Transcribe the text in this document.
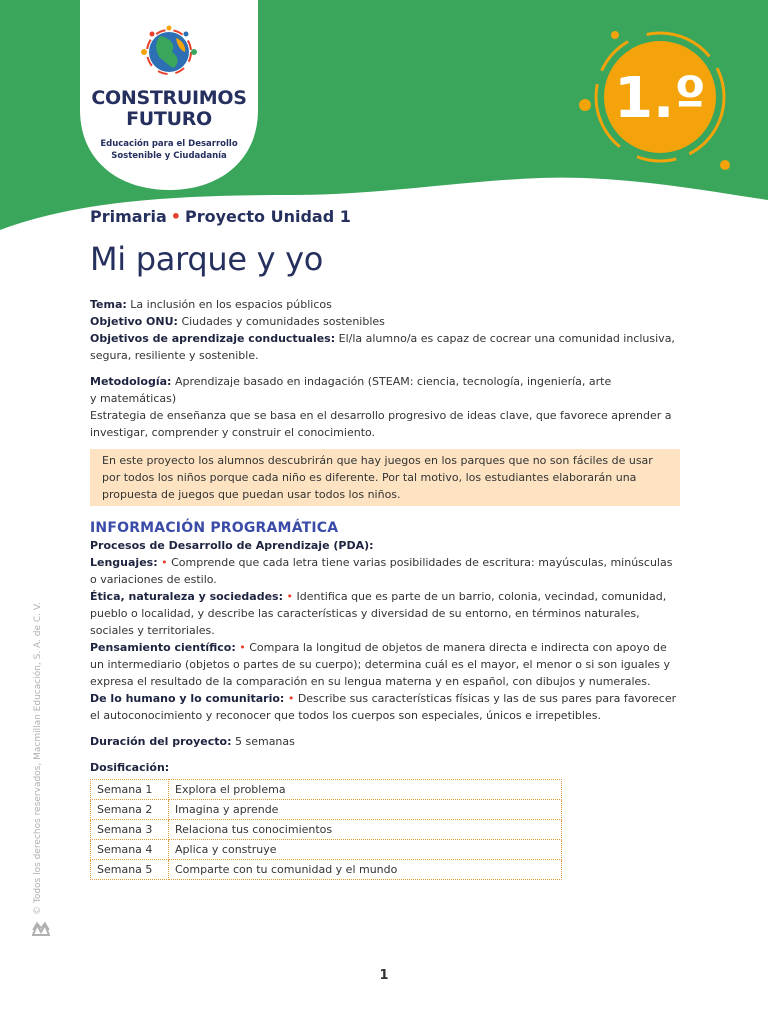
CONSTRUIMOS
FUTURO
Educación para el Desarrollo
Sostenible y Ciudadanía
1.º
Primaria • Proyecto Unidad 1
Mi parque y yo

Tema: La inclusión en los espacios públicos

Objetivo ONU: Ciudades y comunidades sostenibles

Objetivos de aprendizaje conductuales: El/la alumno/a es capaz de cocrear una comunidad inclusiva, segura, resiliente y sostenible.

Metodología: Aprendizaje basado en indagación (STEAM: ciencia, tecnología, ingeniería, arte
y matemáticas)

Estrategia de enseñanza que se basa en el desarrollo progresivo de ideas clave, que favorece aprender a investigar, comprender y construir el conocimiento.

En este proyecto los alumnos descubrirán que hay juegos en los parques que no son fáciles de usar por todos los niños porque cada niño es diferente. Por tal motivo, los estudiantes elaborarán una propuesta de juegos que puedan usar todos los niños.
INFORMACIÓN PROGRAMÁTICA

Procesos de Desarrollo de Aprendizaje (PDA):

Lenguajes: • Comprende que cada letra tiene varias posibilidades de escritura: mayúsculas, minúsculas o variaciones de estilo.

Ética, naturaleza y sociedades: • Identifica que es parte de un barrio, colonia, vecindad, comunidad, pueblo o localidad, y describe las características y diversidad de su entorno, en términos naturales, sociales y territoriales.

Pensamiento científico: • Compara la longitud de objetos de manera directa e indirecta con apoyo de un intermediario (objetos o partes de su cuerpo); determina cuál es el mayor, el menor o si son iguales y expresa el resultado de la comparación en su lengua materna y en español, con dibujos y numerales.

De lo humano y lo comunitario: • Describe sus características físicas y las de sus pares para favorecer el autoconocimiento y reconocer que todos los cuerpos son especiales, únicos e irrepetibles.

Duración del proyecto: 5 semanas

Dosificación:

Semana 1	Explora el problema
Semana 2	Imagina y aprende
Semana 3	Relaciona tus conocimientos
Semana 4	Aplica y construye
Semana 5	Comparte con tu comunidad y el mundo
© Todos los derechos reservados, Macmillan Educación, S. A. de C. V.
1
